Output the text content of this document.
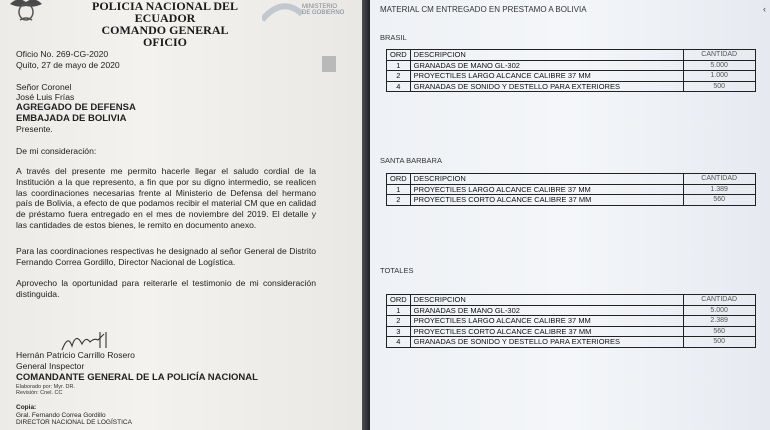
POLICIA NACIONAL DEL ECUADOR
COMANDO GENERAL
OFICIO
MINISTERIO DE GOBIERNO
Oficio No. 269-CG-2020
Quito, 27 de mayo de 2020
Señor Coronel
José Luis Frías
AGREGADO DE DEFENSA
EMBAJADA DE BOLIVIA
Presente.
De mi consideración:
A través del presente me permito hacerle llegar el saludo cordial de la Institución a la que represento, a fin que por su digno intermedio, se realicen las coordinaciones necesarias frente al Ministerio de Defensa del hermano país de Bolivia, a efecto de que podamos recibir el material CM que en calidad de préstamo fuera entregado en el mes de noviembre del 2019. El detalle y las cantidades de estos bienes, le remito en documento anexo.
Para las coordinaciones respectivas he designado al señor General de Distrito Fernando Correa Gordillo, Director Nacional de Logística.
Aprovecho la oportunidad para reiterarle el testimonio de mi consideración distinguida.
Hernán Patricio Carrillo Rosero
General Inspector
COMANDANTE GENERAL DE LA POLICÍA NACIONAL
Elaborado por: Myr. DR.
Revisión: Cnel. CC
Copia:
Gral. Fernando Correa Gordillo
DIRECTOR NACIONAL DE LOGÍSTICA
‹
MATERIAL CM ENTREGADO EN PRESTAMO A BOLIVIA
BRASIL
ORD	DESCRIPCION	CANTIDAD
1	GRANADAS DE MANO GL-302	5.000
2	PROYECTILES LARGO ALCANCE CALIBRE 37 MM	1.000
4	GRANADAS DE SONIDO Y DESTELLO PARA EXTERIORES	500
SANTA BARBARA
ORD	DESCRIPCION	CANTIDAD
1	PROYECTILES LARGO ALCANCE CALIBRE 37 MM	1.389
2	PROYECTILES CORTO ALCANCE CALIBRE 37 MM	560
TOTALES
ORD	DESCRIPCION	CANTIDAD
1	GRANADAS DE MANO GL-302	5.000
2	PROYECTILES LARGO ALCANCE CALIBRE 37 MM	2.389
3	PROYECTILES CORTO ALCANCE CALIBRE 37 MM	560
4	GRANADAS DE SONIDO Y DESTELLO PARA EXTERIORES	500
